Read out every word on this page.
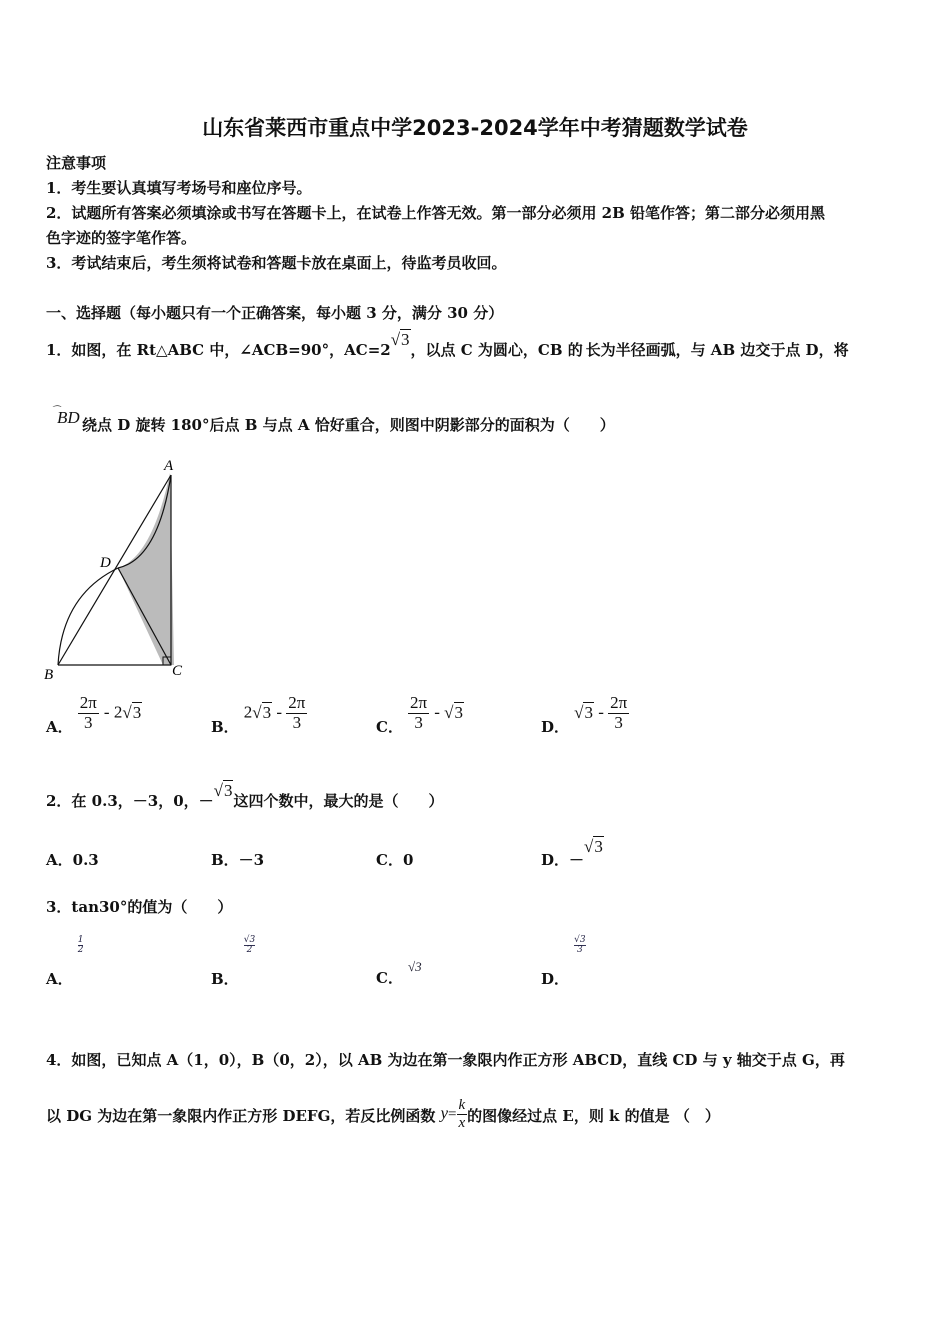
山东省莱西市重点中学2023-2024学年中考猜题数学试卷
注意事项
1．考生要认真填写考场号和座位序号。
2．试题所有答案必须填涂或书写在答题卡上，在试卷上作答无效。第一部分必须用 2B 铅笔作答；第二部分必须用黑
色字迹的签字笔作答。
3．考试结束后，考生须将试卷和答题卡放在桌面上，待监考员收回。
一、选择题（每小题只有一个正确答案，每小题 3 分，满分 30 分）
1．如图，在 Rt△ABC 中，∠ACB=90°，AC=2√3，以点 C 为圆心，CB 的 长为半径画弧，与 AB 边交于点 D，将
⌒BD 绕点 D 旋转 180°后点 B 与点 A 恰好重合，则图中阴影部分的面积为（　　）
A
D
B	C
A． $\frac{2\pi}{3} - 2√3$
B． $2√3 - \frac{2\pi}{3}$	C． $\frac{2\pi}{3} - √3$
D． $√3 - \frac{2\pi}{3}$
2．在 0.3，－3，0，－√3这四个数中，最大的是（　　）
A．0.3	B．－3	C．0	D．－√3
3．tan30°的值为（　　）
A．
$\frac{1}{2}$
B．
$\frac{√3}{2}$
C． √3
D．
$\frac{√3}{3}$
4．如图，已知点 A（1，0），B（0，2），以 AB 为边在第一象限内作正方形 ABCD，直线 CD 与 y 轴交于点 G，再
以 DG 为边在第一象限内作正方形 DEFG，若反比例函数 $y= \frac{k}{x}$ 的图像经过点 E，则 k 的值是 （　）
